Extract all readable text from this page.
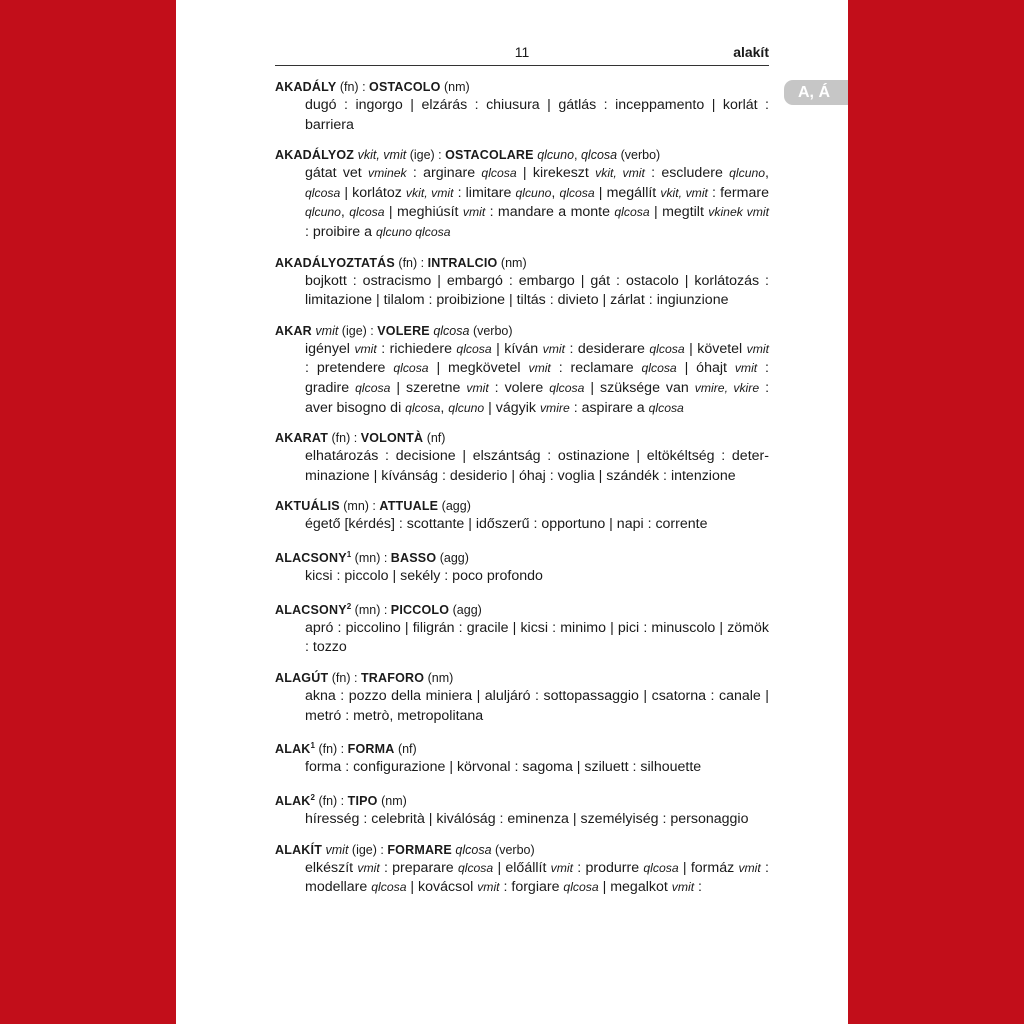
11	alakít
A, Á
AKADÁLY (fn) : OSTACOLO (nm)
dugó : ingorgo | elzárás : chiusura | gátlás : inceppamento | korlát : barriera
AKADÁLYOZ vkit, vmit (ige) : OSTACOLARE qlcuno, qlcosa (verbo)
gátat vet vminek : arginare qlcosa | kirekeszt vkit, vmit : escludere qlcuno, qlcosa | korlátoz vkit, vmit : limitare qlcuno, qlcosa | megállít vkit, vmit : fermare qlcuno, qlcosa | meghiúsít vmit : mandare a monte qlcosa | megtilt vkinek vmit : proibire a qlcuno qlcosa
AKADÁLYOZTATÁS (fn) : INTRALCIO (nm)
bojkott : ostracismo | embargó : embargo | gát : ostacolo | korlátozás : limitazione | tilalom : proibizione | tiltás : divieto | zárlat : ingiunzione
AKAR vmit (ige) : VOLERE qlcosa (verbo)
igényel vmit : richiedere qlcosa | kíván vmit : desiderare qlcosa | követel vmit : pretendere qlcosa | megkövetel vmit : reclamare qlcosa | óhajt vmit : gradire qlcosa | szeretne vmit : volere qlcosa | szüksége van vmire, vkire : aver bisogno di qlcosa, qlcuno | vágyik vmire : aspirare a qlcosa
AKARAT (fn) : VOLONTÀ (nf)
elhatározás : decisione | elszántság : ostinazione | eltökéltség : determinazione | kívánság : desiderio | óhaj : voglia | szándék : intenzione
AKTUÁLIS (mn) : ATTUALE (agg)
égető [kérdés] : scottante | időszerű : opportuno | napi : corrente
ALACSONY$^1$ (mn) : BASSO (agg)
kicsi : piccolo | sekély : poco profondo
ALACSONY$^2$ (mn) : PICCOLO (agg)
apró : piccolino | filigrán : gracile | kicsi : minimo | pici : minuscolo | zömök : tozzo
ALAGÚT (fn) : TRAFORO (nm)
akna : pozzo della miniera | aluljáró : sottopassaggio | csatorna : canale | metró : metrò, metropolitana
ALAK$^1$ (fn) : FORMA (nf)
forma : configurazione | körvonal : sagoma | sziluett : silhouette
ALAK$^2$ (fn) : TIPO (nm)
híresség : celebrità | kiválóság : eminenza | személyiség : personaggio
ALAKÍT vmit (ige) : FORMARE qlcosa (verbo)
elkészít vmit : preparare qlcosa | előállít vmit : produrre qlcosa | formáz vmit : modellare qlcosa | kovácsol vmit : forgiare qlcosa | megalkot vmit :
